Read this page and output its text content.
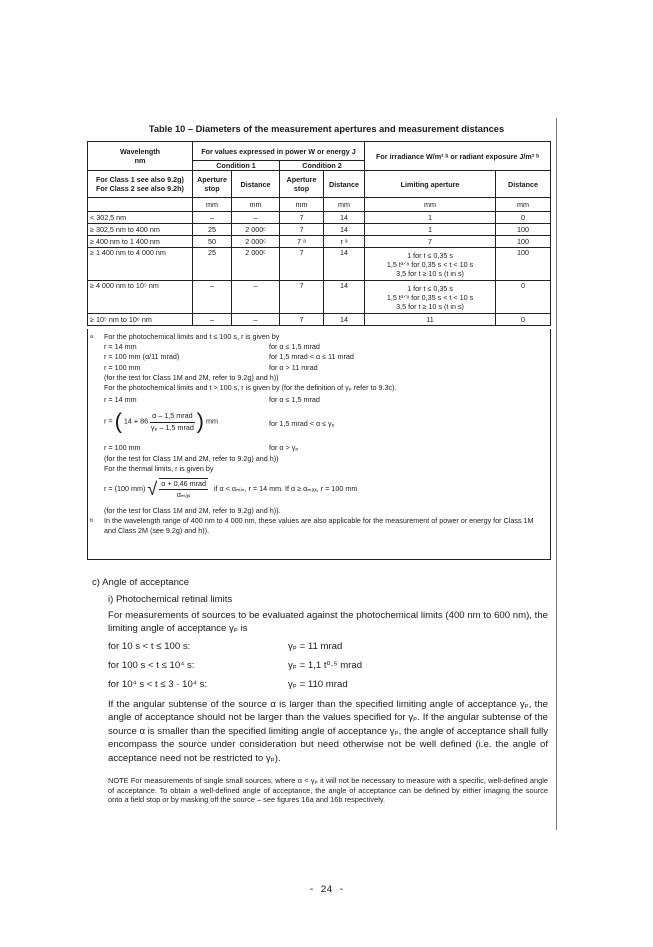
Table 10 – Diameters of the measurement apertures and measurement distances
Wavelength
nm	For values expressed in power W or energy J				For irradiance W/m² ᵇ or radiant exposure J/m² ᵇ	
	Condition 1		Condition 2			
For Class 1 see also 9.2g) For Class 2 see also 9.2h)	Aperture stop	Distance	Aperture stop	Distance	Limiting aperture	Distance
	mm	mm	mm	mm	mm	mm
< 302,5 nm	–	–	7	14	1	0
≥ 302,5 nm to 400 nm	25	2 000ᶜ	7	14	1	100
≥ 400 nm to 1 400 nm	50	2 000ᶜ	7 ᵃ	r ᵃ	7	100
≥ 1 400 nm to 4 000 nm	25	2 000ᶜ	7	14	1 for t ≤ 0,35 s
1,5 t³ᐟ⁸ for 0,35 s < t < 10 s
3,5 for t ≥ 10 s (t in s)	100
≥ 4 000 nm to 10⁵ nm	–	–	7	14	1 for t ≤ 0,35 s
1,5 t³ᐟ⁸ for 0,35 s < t < 10 s
3,5 for t ≥ 10 s (t in s)	0
≥ 10⁵ nm to 10⁶ nm	–	–	7	14	11	0
a For the photochemical limits and t ≤ 100 s, r is given by
r = 14 mm	for α ≤ 1,5 mrad
r = 100 mm (α/11 mrad)	for 1,5 mrad < α ≤ 11 mrad
r = 100 mm	for α > 11 mrad
(for the test for Class 1M and 2M, refer to 9.2g) and h))
For the photochemical limits and t > 100 s, r is given by (for the definition of γₚ refer to 9.3c).
r = 14 mm	for α ≤ 1,5 mrad
r = ( $14 + 86 \frac{\text{α – 1,5 mrad}}{\text{γₚ – 1,5 mrad}}$ ) mm	for 1,5 mrad < α ≤ γₚ
r = 100 mm	for α > γₚ
(for the test for Class 1M and 2M, refer to 9.2g) and h))
For the thermal limits, r is given by
r = (100 mm) √ $\frac{\text{α + 0,46 mrad}}{\text{αₘₐₓ}}$ if α < αₘᵢₙ, r = 14 mm. If α ≥ αₘₐₓ, r = 100 mm
(for the test for Class 1M and 2M, refer to 9.2g) and h)).
b In the wavelength range of 400 nm to 4 000 nm, these values are also applicable for the measurement of power or energy for Class 1M and Class 2M (see 9.2g) and h)).
c) Angle of acceptance
i) Photochemical retinal limits
For measurements of sources to be evaluated against the photochemical limits (400 nm to 600 nm), the limiting angle of acceptance γₚ is
for 10 s < t ≤ 100 s:	γₚ = 11 mrad
for 100 s < t ≤ 10⁴ s:	γₚ = 1,1 t⁰·⁵ mrad
for 10⁴ s < t ≤ 3 · 10⁴ s:	γₚ = 110 mrad
If the angular subtense of the source α is larger than the specified limiting angle of acceptance γₚ, the angle of acceptance should not be larger than the values specified for γₚ. If the angular subtense of the source α is smaller than the specified limiting angle of acceptance γₚ, the angle of acceptance shall fully encompass the source under consideration but need otherwise not be well defined (i.e. the angle of acceptance need not be restricted to γₚ).
NOTE For measurements of single small sources, where α < γₚ it will not be necessary to measure with a specific, well-defined angle of acceptance. To obtain a well-defined angle of acceptance, the angle of acceptance can be defined by either imaging the source onto a field stop or by masking off the source – see figures 16a and 16b respectively.
- 24 -
